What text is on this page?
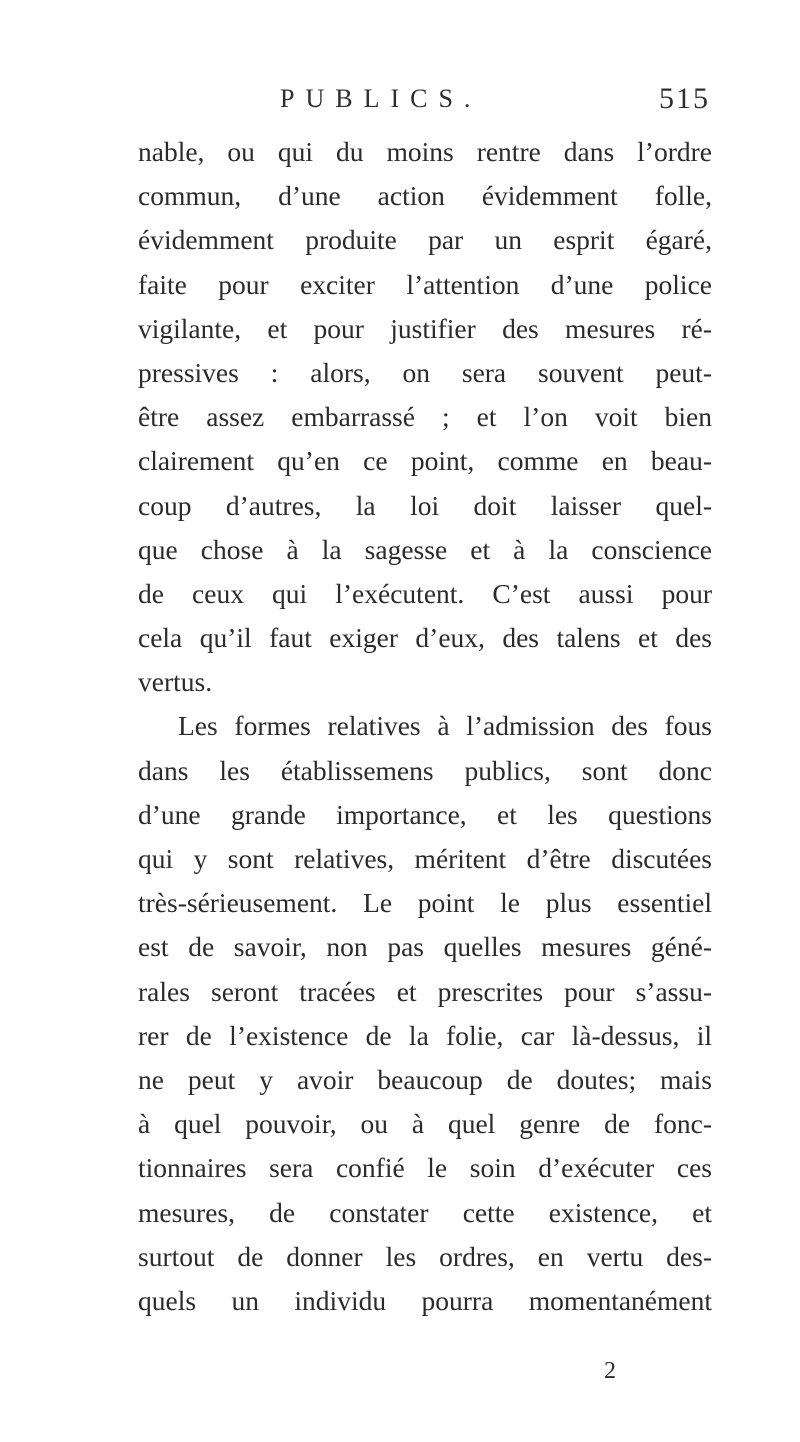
PUBLICS.	515
nable, ou qui du moins rentre dans l’ordre
commun, d’une action évidemment folle,
évidemment produite par un esprit égaré,
faite pour exciter l’attention d’une police
vigilante, et pour justifier des mesures ré-
pressives : alors, on sera souvent peut-
être assez embarrassé ; et l’on voit bien
clairement qu’en ce point, comme en beau-
coup d’autres, la loi doit laisser quel-
que chose à la sagesse et à la conscience
de ceux qui l’exécutent. C’est aussi pour
cela qu’il faut exiger d’eux, des talens et des
vertus.
Les formes relatives à l’admission des fous
dans les établissemens publics, sont donc
d’une grande importance, et les questions
qui y sont relatives, méritent d’être discutées
très-sérieusement. Le point le plus essentiel
est de savoir, non pas quelles mesures géné-
rales seront tracées et prescrites pour s’assu-
rer de l’existence de la folie, car là-dessus, il
ne peut y avoir beaucoup de doutes; mais
à quel pouvoir, ou à quel genre de fonc-
tionnaires sera confié le soin d’exécuter ces
mesures, de constater cette existence, et
surtout de donner les ordres, en vertu des-
quels un individu pourra momentanément
2
